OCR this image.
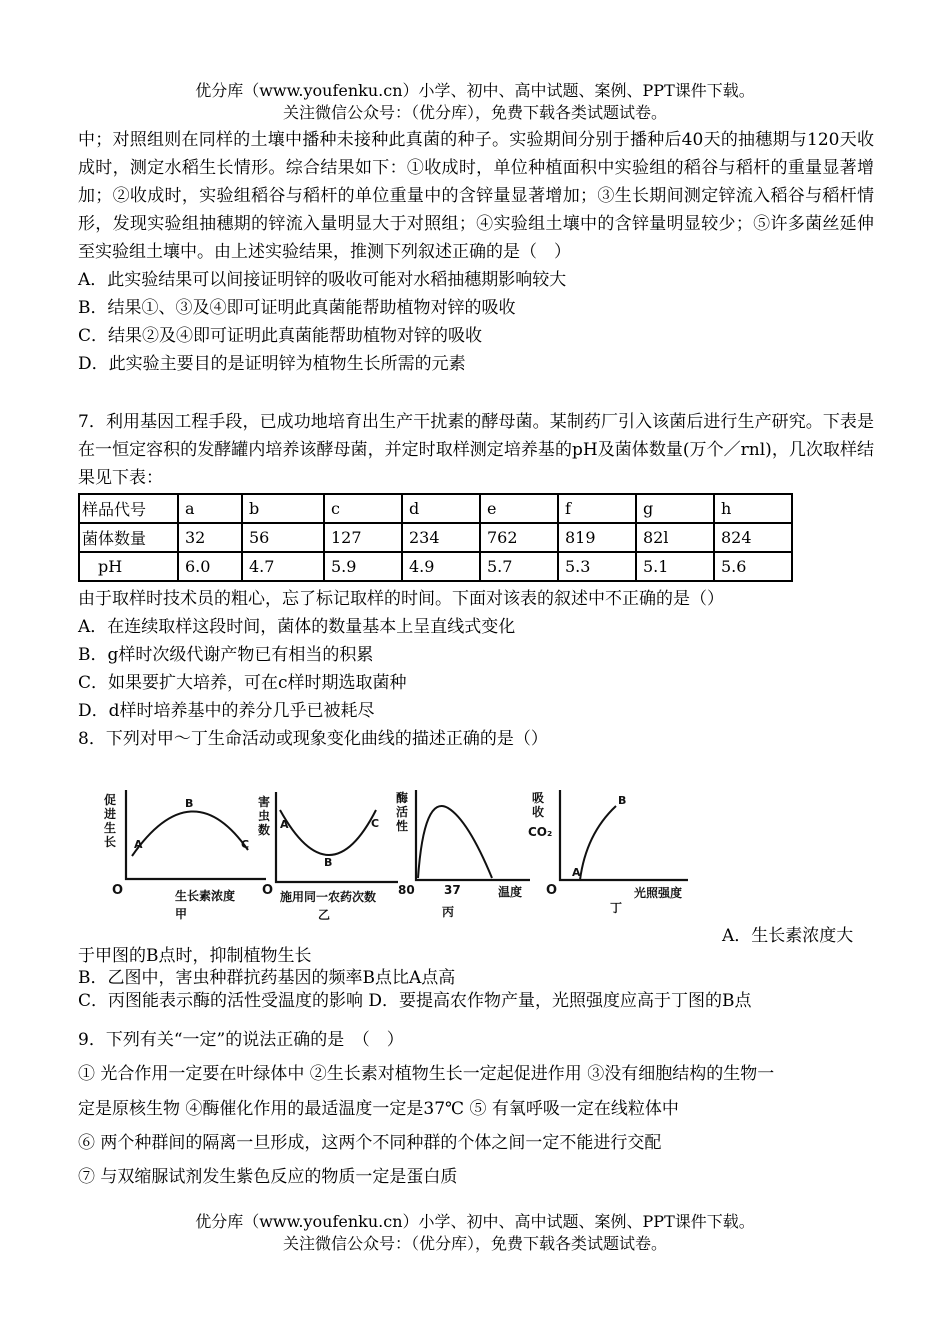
优分库（www.youfenku.cn）小学、初中、高中试题、案例、PPT课件下载。
关注微信公众号：（优分库），免费下载各类试题试卷。
中；对照组则在同样的土壤中播种未接种此真菌的种子。实验期间分别于播种后40天的抽穗期与120天收成时，测定水稻生长情形。综合结果如下：①收成时，单位种植面积中实验组的稻谷与稻杆的重量显著增加；②收成时，实验组稻谷与稻杆的单位重量中的含锌量显著增加；③生长期间测定锌流入稻谷与稻杆情形，发现实验组抽穗期的锌流入量明显大于对照组；④实验组土壤中的含锌量明显较少；⑤许多菌丝延伸至实验组土壤中。由上述实验结果，推测下列叙述正确的是（　）
A．此实验结果可以间接证明锌的吸收可能对水稻抽穗期影响较大
B．结果①、③及④即可证明此真菌能帮助植物对锌的吸收
C．结果②及④即可证明此真菌能帮助植物对锌的吸收
D．此实验主要目的是证明锌为植物生长所需的元素
7．利用基因工程手段，已成功地培育出生产干扰素的酵母菌。某制药厂引入该菌后进行生产研究。下表是在一恒定容积的发酵罐内培养该酵母菌，并定时取样测定培养基的pH及菌体数量(万个／rnl)，几次取样结果见下表：
样品代号	a	b	c	d	e	f	g	h
菌体数量	32	56	127	234	762	819	82l	824
pH	6.0	4.7	5.9	4.9	5.7	5.3	5.1	5.6
由于取样时技术员的粗心，忘了标记取样的时间。下面对该表的叙述中不正确的是（）
A．在连续取样这段时间，菌体的数量基本上呈直线式变化
B．g样时次级代谢产物已有相当的积累
C．如果要扩大培养，可在c样时期选取菌种
D．d样时培养基中的养分几乎已被耗尽
8．下列对甲～丁生命活动或现象变化曲线的描述正确的是（）
促
进
生
长 A
B
C
O	生长素浓度
甲
害
虫
数 A
B
C
O 施用同一农药次数
乙
酶
活
性
80 37	温度
丙
吸
收
CO₂
A
B
O	光照强度
丁
A．生长素浓度大
于甲图的B点时，抑制植物生长
B．乙图中，害虫种群抗药基因的频率B点比A点高
C．丙图能表示酶的活性受温度的影响 D．要提高农作物产量，光照强度应高于丁图的B点
9．下列有关“一定”的说法正确的是　（　）
① 光合作用一定要在叶绿体中 ②生长素对植物生长一定起促进作用 ③没有细胞结构的生物一
定是原核生物 ④酶催化作用的最适温度一定是37℃ ⑤ 有氧呼吸一定在线粒体中
⑥ 两个种群间的隔离一旦形成，这两个不同种群的个体之间一定不能进行交配
⑦ 与双缩脲试剂发生紫色反应的物质一定是蛋白质
优分库（www.youfenku.cn）小学、初中、高中试题、案例、PPT课件下载。
关注微信公众号：（优分库），免费下载各类试题试卷。
